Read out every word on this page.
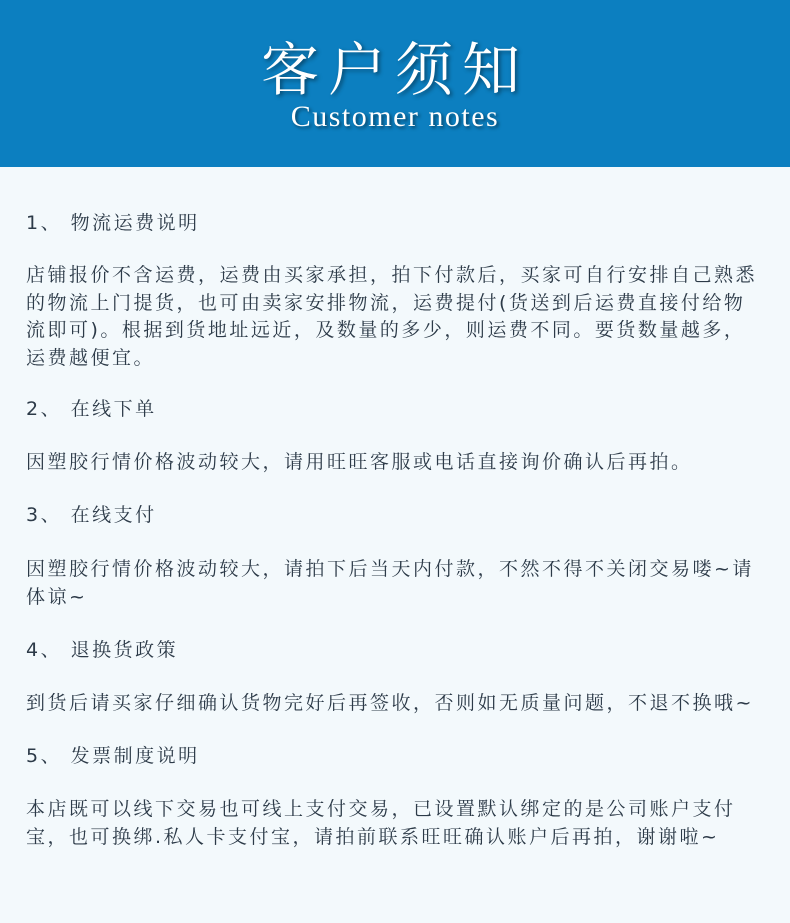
客户须知
Customer notes
1、 物流运费说明
店铺报价不含运费，运费由买家承担，拍下付款后，买家可自行安排自己熟悉的物流上门提货，也可由卖家安排物流，运费提付(货送到后运费直接付给物流即可)。根据到货地址远近，及数量的多少，则运费不同。要货数量越多，运费越便宜。
2、 在线下单
因塑胶行情价格波动较大，请用旺旺客服或电话直接询价确认后再拍。
3、 在线支付
因塑胶行情价格波动较大，请拍下后当天内付款，不然不得不关闭交易喽~请体谅~
4、 退换货政策
到货后请买家仔细确认货物完好后再签收，否则如无质量问题，不退不换哦~
5、 发票制度说明
本店既可以线下交易也可线上支付交易，已设置默认绑定的是公司账户支付宝，也可换绑.私人卡支付宝，请拍前联系旺旺确认账户后再拍，谢谢啦~
